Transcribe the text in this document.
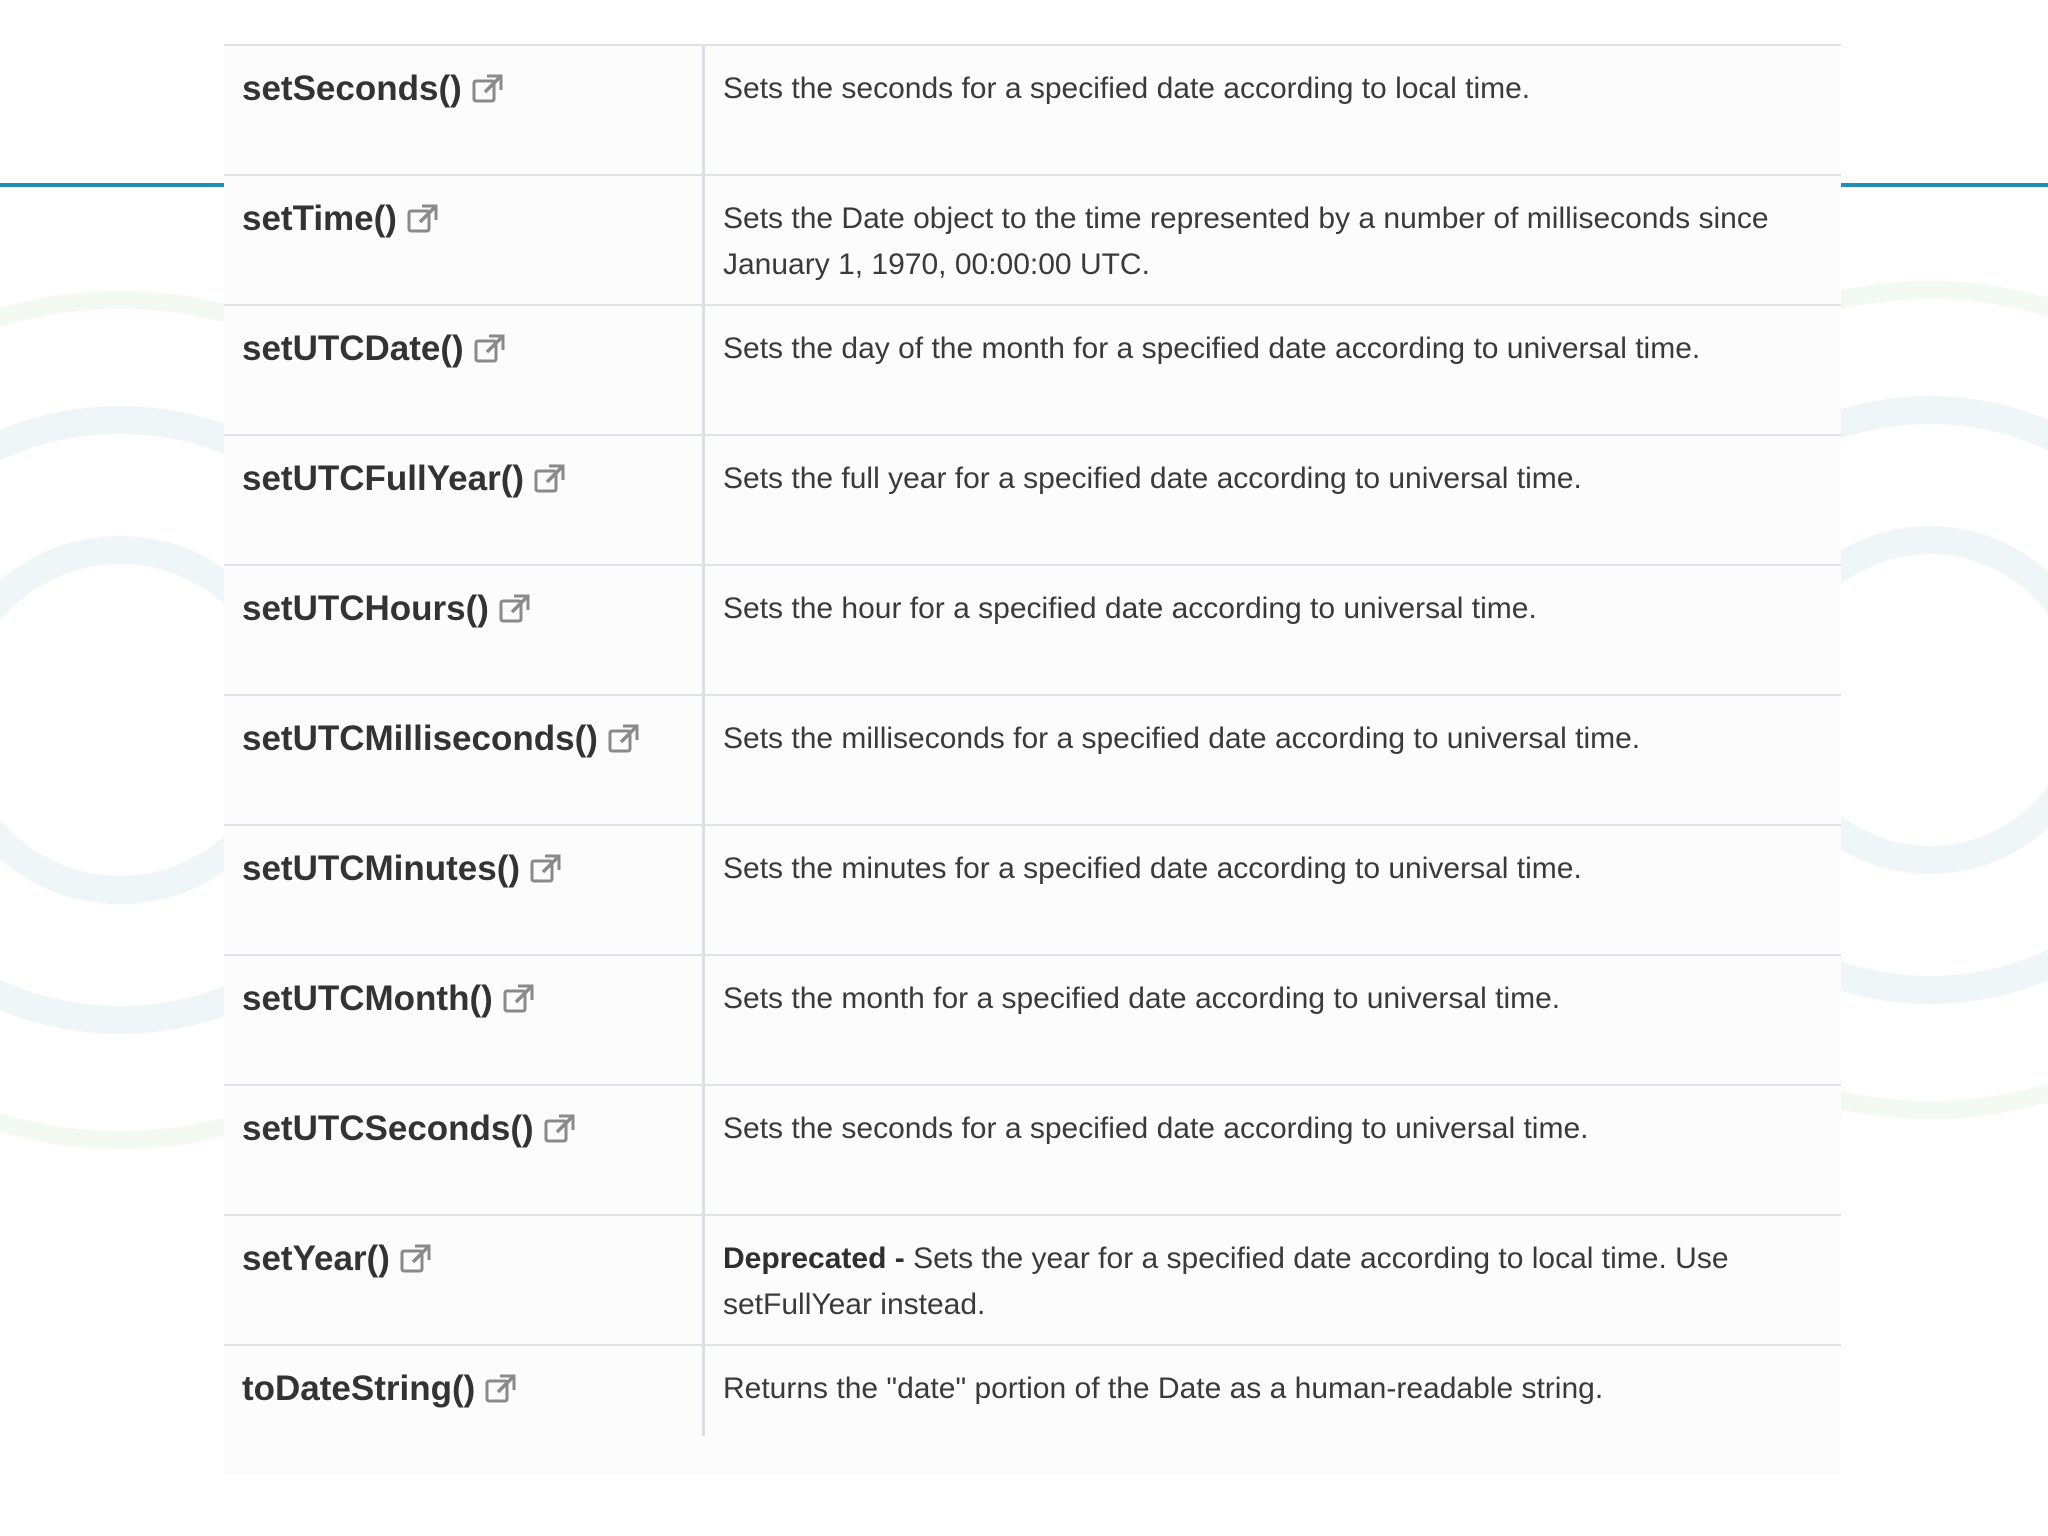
setSeconds()	Sets the seconds for a specified date according to local time.
setTime()	Sets the Date object to the time represented by a number of milliseconds since January 1, 1970, 00:00:00 UTC.
setUTCDate()	Sets the day of the month for a specified date according to universal time.
setUTCFullYear()	Sets the full year for a specified date according to universal time.
setUTCHours()	Sets the hour for a specified date according to universal time.
setUTCMilliseconds()	Sets the milliseconds for a specified date according to universal time.
setUTCMinutes()	Sets the minutes for a specified date according to universal time.
setUTCMonth()	Sets the month for a specified date according to universal time.
setUTCSeconds()	Sets the seconds for a specified date according to universal time.
setYear()	Deprecated - Sets the year for a specified date according to local time. Use setFullYear instead.
toDateString()	Returns the "date" portion of the Date as a human-readable string.
